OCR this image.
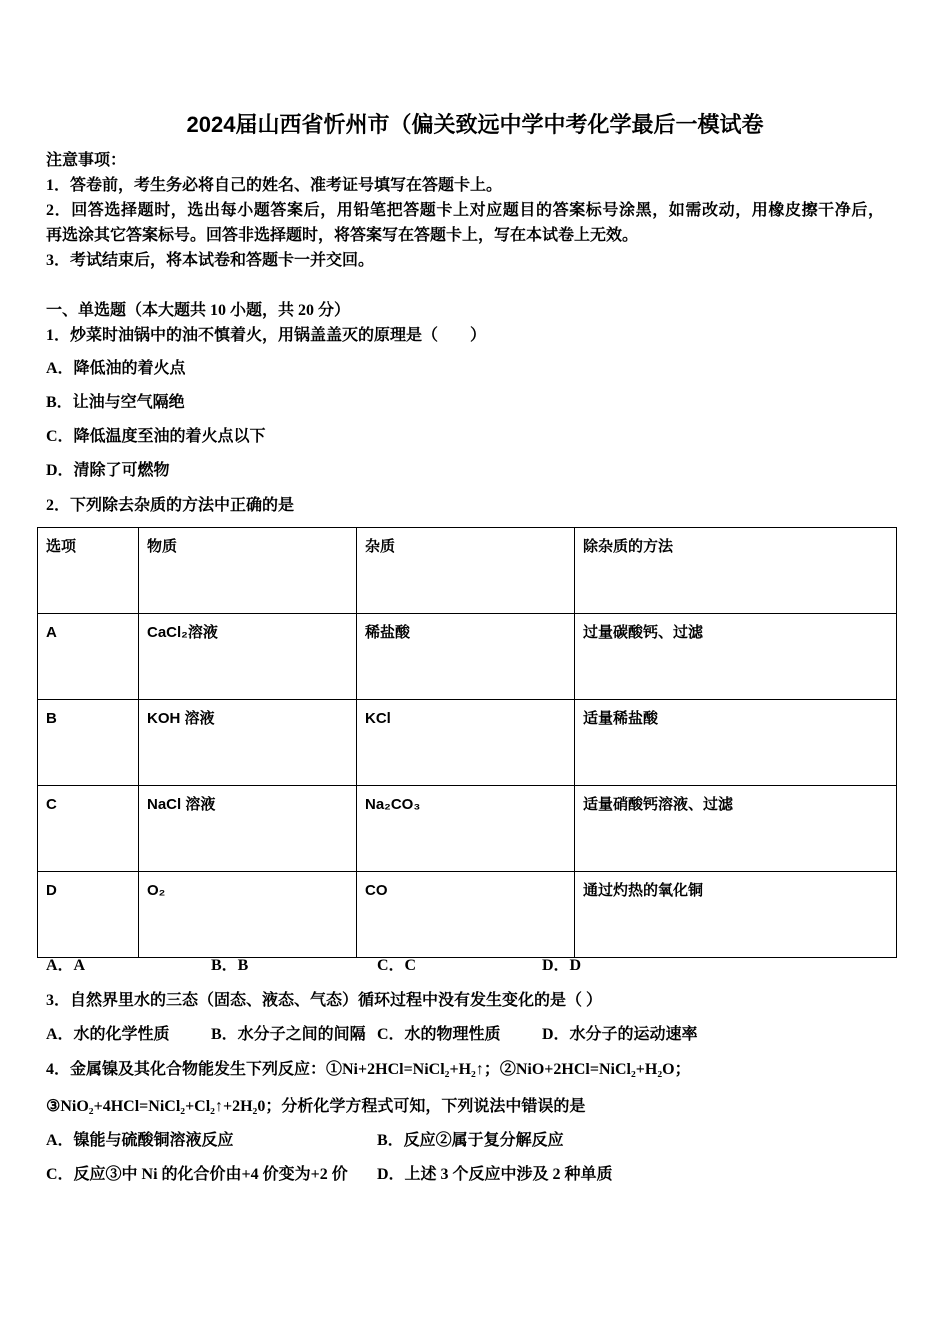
2024届山西省忻州市（偏关致远中学中考化学最后一模试卷
注意事项：
1．答卷前，考生务必将自己的姓名、准考证号填写在答题卡上。
2．回答选择题时，选出每小题答案后，用铅笔把答题卡上对应题目的答案标号涂黑，如需改动，用橡皮擦干净后，
再选涂其它答案标号。回答非选择题时，将答案写在答题卡上，写在本试卷上无效。
3．考试结束后，将本试卷和答题卡一并交回。
一、单选题（本大题共 10 小题，共 20 分）
1．炒菜时油锅中的油不慎着火，用锅盖盖灭的原理是（　　）
A．降低油的着火点
B．让油与空气隔绝
C．降低温度至油的着火点以下
D．清除了可燃物
2．下列除去杂质的方法中正确的是
选项	物质	杂质	除杂质的方法
A	CaCl₂溶液	稀盐酸	过量碳酸钙、过滤
B	KOH 溶液	KCl	适量稀盐酸
C	NaCl 溶液	Na₂CO₃	适量硝酸钙溶液、过滤
D	O₂	CO	通过灼热的氧化铜
A．A	B．B	C．C	D．D
3．自然界里水的三态（固态、液态、气态）循环过程中没有发生变化的是（ ）
A．水的化学性质	B．水分子之间的间隔 C．水的物理性质	D．水分子的运动速率
4．金属镍及其化合物能发生下列反应：①Ni+2HCl=NiCl₂+H₂↑；②NiO+2HCl=NiCl₂+H₂O；
③NiO₂+4HCl=NiCl₂+Cl₂↑+2H₂0；分析化学方程式可知，下列说法中错误的是
A．镍能与硫酸铜溶液反应	B．反应②属于复分解反应
C．反应③中 Ni 的化合价由+4 价变为+2 价 D．上述 3 个反应中涉及 2 种单质
